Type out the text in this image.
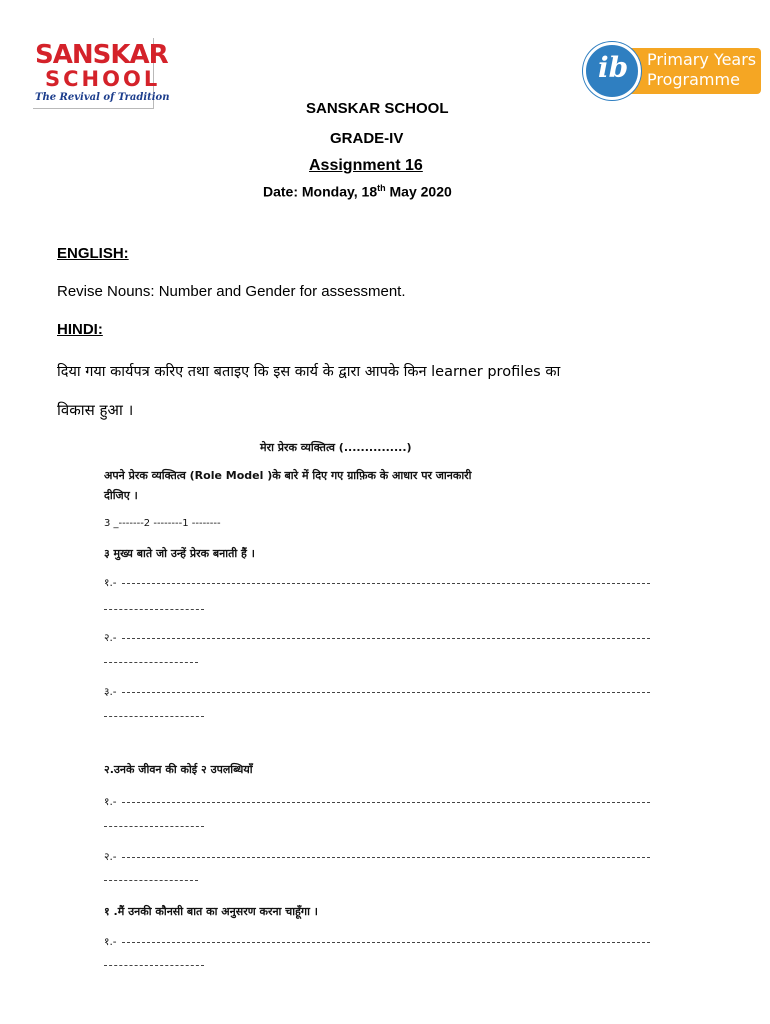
SANSKAR
SCHOOL
The Revival of Tradition
ib Primary Years
Programme
SANSKAR SCHOOL
GRADE-IV
Assignment 16
Date: Monday, 18th May 2020
ENGLISH:
Revise Nouns: Number and Gender for assessment.
HINDI:
दिया गया कार्यपत्र करिए तथा बताइए कि इस कार्य के द्वारा आपके किन learner profiles का
विकास हुआ ।
मेरा प्रेरक व्यक्तित्व (...............)
अपने प्रेरक व्यक्तित्व (Role Model )के बारे में दिए गए ग्राफ़िक के आधार पर जानकारी
दीजिए ।
3 _-------2 --------1 --------
३ मुख्य बाते जो उन्हें प्रेरक बनाती हैं ।
१.-
२.-
३.-
२.उनके जीवन की कोई २ उपलब्धियाँ
१.-
२.-
१ .मैं उनकी कौनसी बात का अनुसरण करना चाहूँगा ।
१.-
